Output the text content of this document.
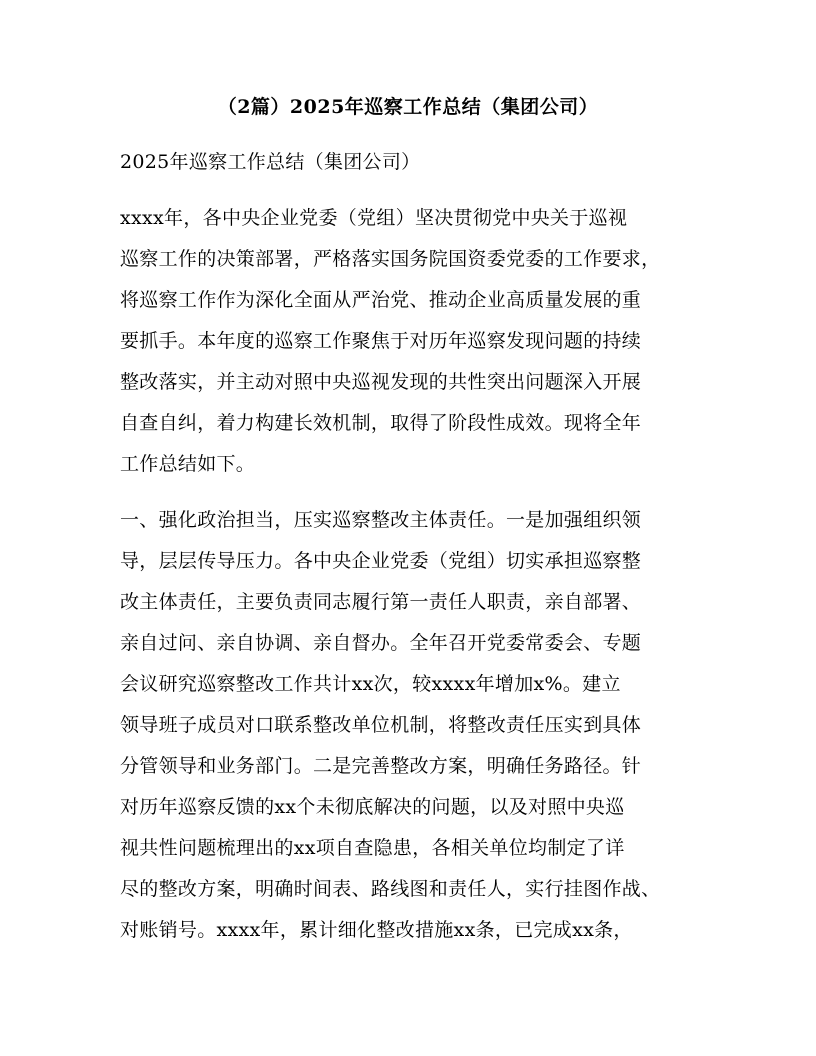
（2篇）2025年巡察工作总结（集团公司）
2025年巡察工作总结（集团公司）
xxxx年，各中央企业党委（党组）坚决贯彻党中央关于巡视
巡察工作的决策部署，严格落实国务院国资委党委的工作要求，
将巡察工作作为深化全面从严治党、推动企业高质量发展的重
要抓手。本年度的巡察工作聚焦于对历年巡察发现问题的持续
整改落实，并主动对照中央巡视发现的共性突出问题深入开展
自查自纠，着力构建长效机制，取得了阶段性成效。现将全年
工作总结如下。
一、强化政治担当，压实巡察整改主体责任。一是加强组织领
导，层层传导压力。各中央企业党委（党组）切实承担巡察整
改主体责任，主要负责同志履行第一责任人职责，亲自部署、
亲自过问、亲自协调、亲自督办。全年召开党委常委会、专题
会议研究巡察整改工作共计xx次，较xxxx年增加x%。建立
领导班子成员对口联系整改单位机制，将整改责任压实到具体
分管领导和业务部门。二是完善整改方案，明确任务路径。针
对历年巡察反馈的xx个未彻底解决的问题，以及对照中央巡
视共性问题梳理出的xx项自查隐患，各相关单位均制定了详
尽的整改方案，明确时间表、路线图和责任人，实行挂图作战、
对账销号。xxxx年，累计细化整改措施xx条，已完成xx条，
